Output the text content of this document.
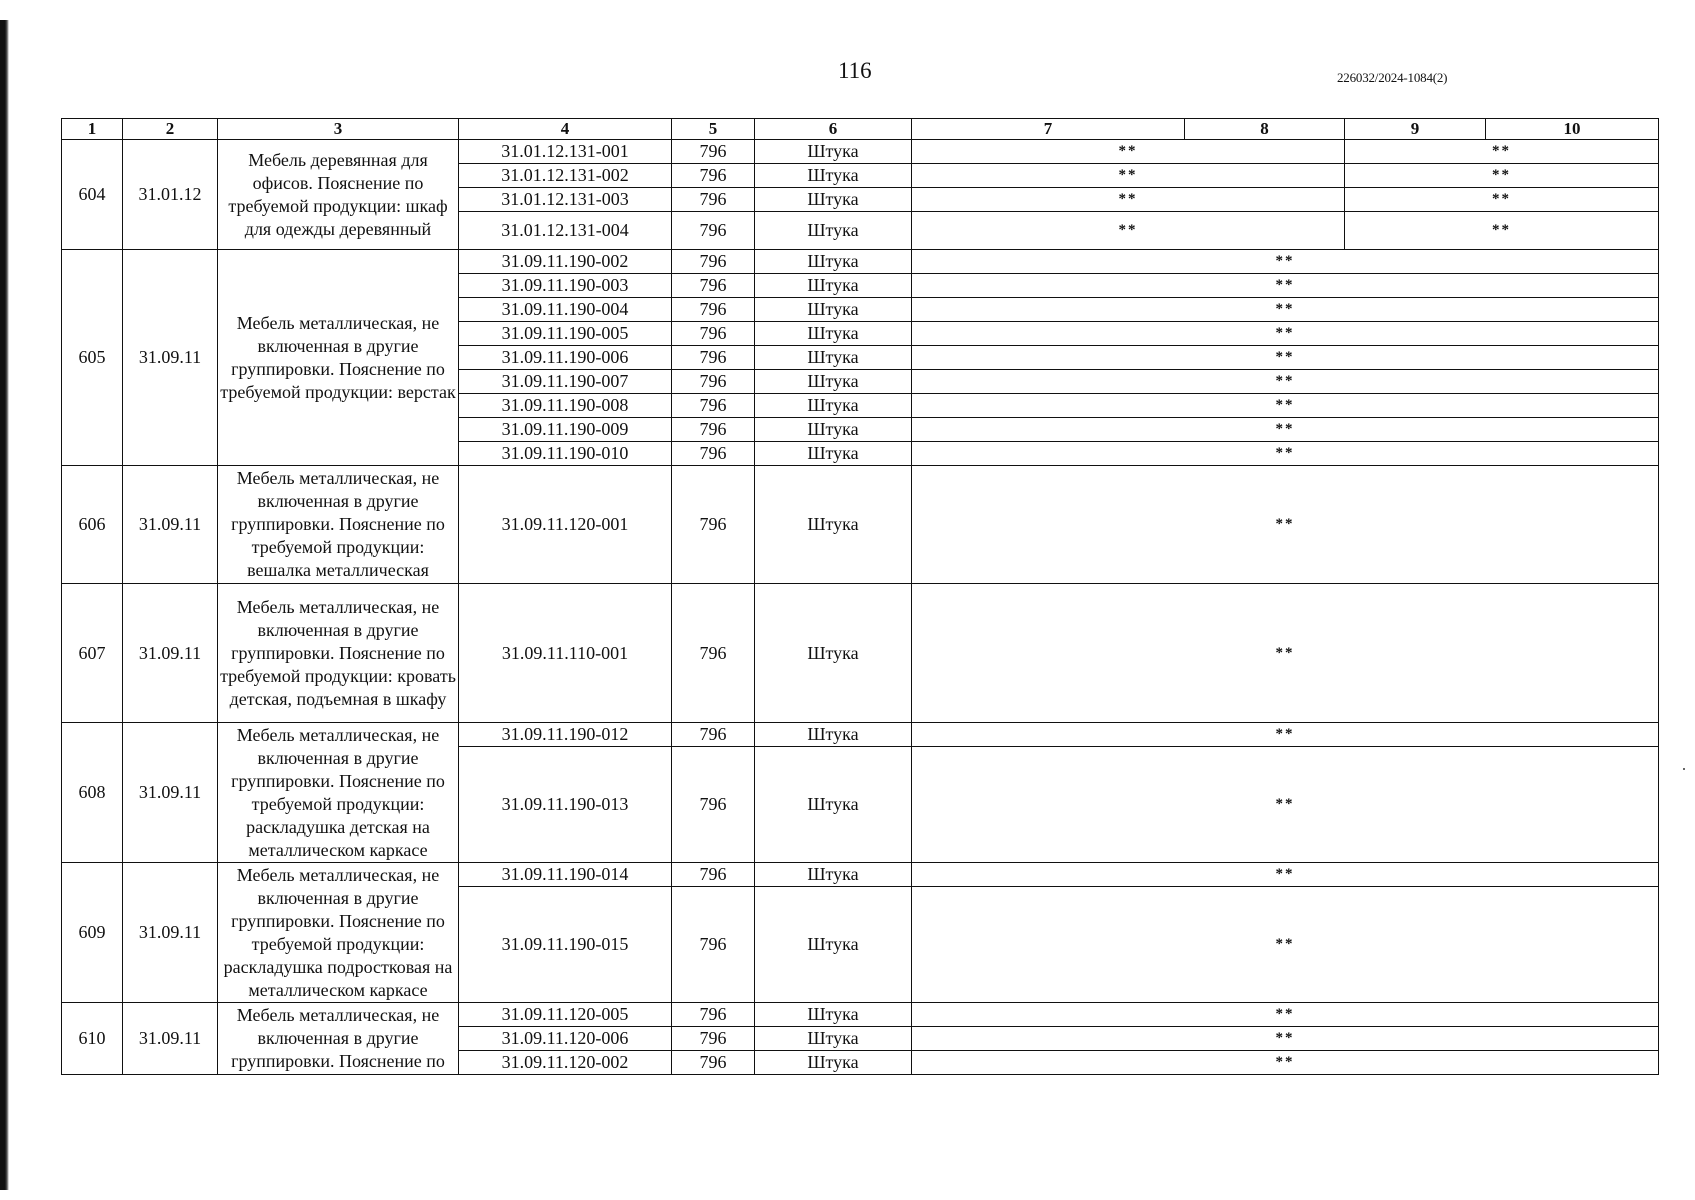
116	226032/2024-1084(2)
1	2	3	4	5	6	7	8	9	10
604	31.01.12	Мебель деревянная для офисов. Пояснение по требуемой продукции: шкаф для одежды деревянный	31.01.12.131-001	796	Штука	**		**	
			31.01.12.131-002	796	Штука	**		**	
			31.01.12.131-003	796	Штука	**		**	
			31.01.12.131-004	796	Штука	**		**	
605	31.09.11	Мебель металлическая, не включенная в другие группировки. Пояснение по требуемой продукции: верстак	31.09.11.190-002	796	Штука	**			
			31.09.11.190-003	796	Штука	**			
			31.09.11.190-004	796	Штука	**			
			31.09.11.190-005	796	Штука	**			
			31.09.11.190-006	796	Штука	**			
			31.09.11.190-007	796	Штука	**			
			31.09.11.190-008	796	Штука	**			
			31.09.11.190-009	796	Штука	**			
			31.09.11.190-010	796	Штука	**			
606	31.09.11	Мебель металлическая, не включенная в другие группировки. Пояснение по требуемой продукции: вешалка металлическая	31.09.11.120-001	796	Штука	**			
607	31.09.11	Мебель металлическая, не включенная в другие группировки. Пояснение по требуемой продукции: кровать детская, подъемная в шкафу	31.09.11.110-001	796	Штука	**			
608	31.09.11	Мебель металлическая, не включенная в другие группировки. Пояснение по требуемой продукции: раскладушка детская на металлическом каркасе	31.09.11.190-012	796	Штука	**			
			31.09.11.190-013	796	Штука	**			
609	31.09.11	Мебель металлическая, не включенная в другие группировки. Пояснение по требуемой продукции: раскладушка подростковая на металлическом каркасе	31.09.11.190-014	796	Штука	**			
			31.09.11.190-015	796	Штука	**			
610	31.09.11	Мебель металлическая, не включенная в другие группировки. Пояснение по	31.09.11.120-005	796	Штука	**			
			31.09.11.120-006	796	Штука	**			
			31.09.11.120-002	796	Штука	**			
